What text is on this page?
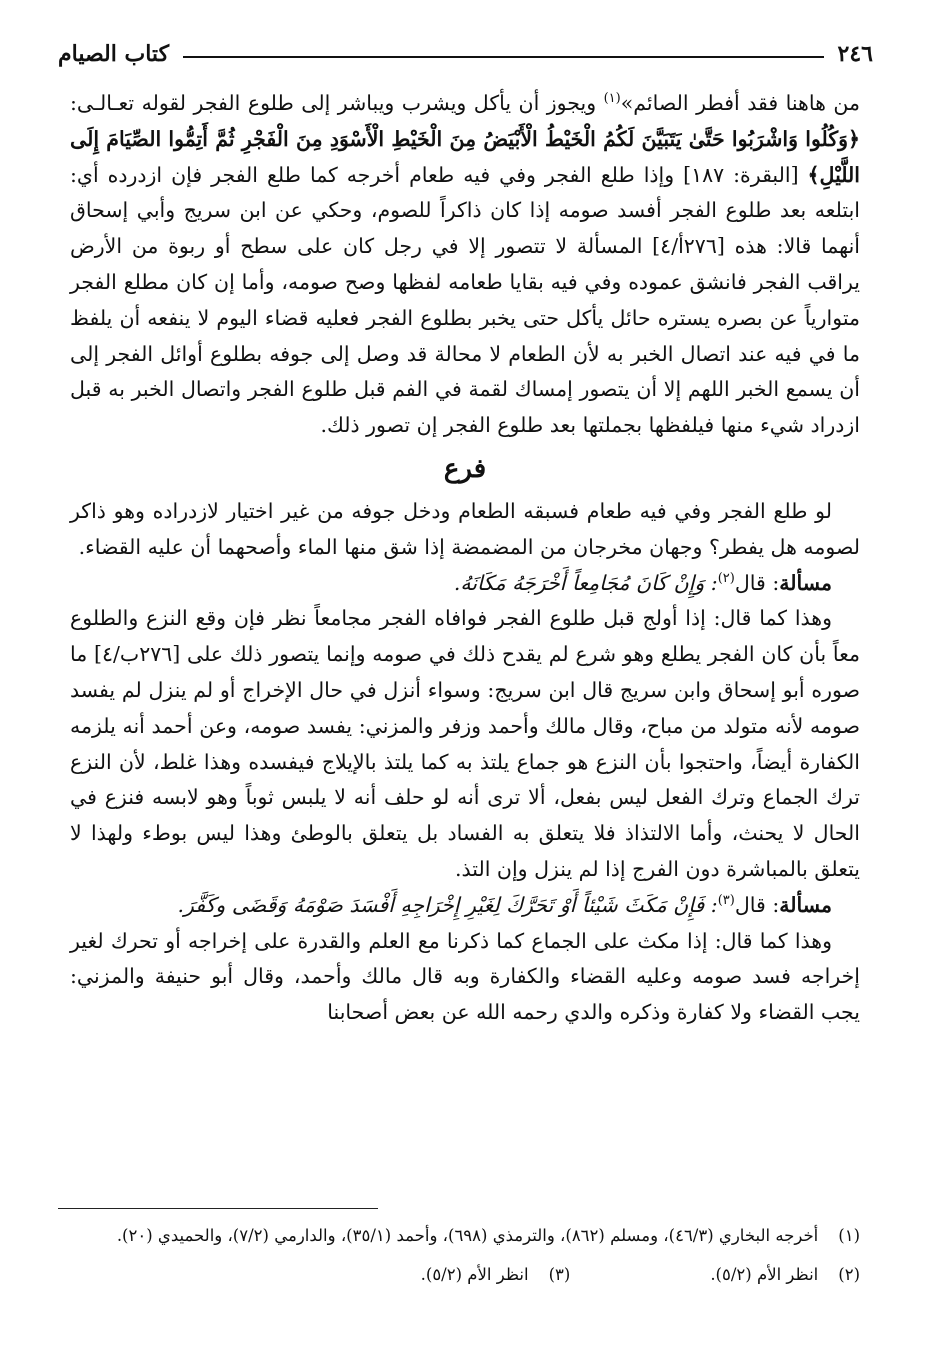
٢٤٦
كتاب الصيام

من هاهنا فقد أفطر الصائم»$^{(١)}$ ويجوز أن يأكل ويشرب ويباشر إلى طلوع الفجر لقوله تعـالـى: ﴿وَكُلُوا وَاشْرَبُوا حَتَّىٰ يَتَبَيَّنَ لَكُمُ الْخَيْطُ الْأَبْيَضُ مِنَ الْخَيْطِ الْأَسْوَدِ مِنَ الْفَجْرِ ثُمَّ أَتِمُّوا الصِّيَامَ إِلَى اللَّيْلِ﴾ [البقرة: ١٨٧] وإذا طلع الفجر وفي فيه طعام أخرجه كما طلع الفجر فإن ازدرده أي: ابتلعه بعد طلوع الفجر أفسد صومه إذا كان ذاكراً للصوم، وحكي عن ابن سريج وأبي إسحاق أنهما قالا: هذه [٢٧٦أ/٤] المسألة لا تتصور إلا في رجل كان على سطح أو ربوة من الأرض يراقب الفجر فانشق عموده وفي فيه بقايا طعامه لفظها وصح صومه، وأما إن كان مطلع الفجر متوارياً عن بصره يستره حائل يأكل حتى يخبر بطلوع الفجر فعليه قضاء اليوم لا ينفعه أن يلفظ ما في فيه عند اتصال الخبر به لأن الطعام لا محالة قد وصل إلى جوفه بطلوع أوائل الفجر إلى أن يسمع الخبر اللهم إلا أن يتصور إمساك لقمة في الفم قبل طلوع الفجر واتصال الخبر به قبل ازدراد شيء منها فيلفظها بجملتها بعد طلوع الفجر إن تصور ذلك.

فرع

لو طلع الفجر وفي فيه طعام فسبقه الطعام ودخل جوفه من غير اختيار لازدراده وهو ذاكر لصومه هل يفطر؟ وجهان مخرجان من المضمضة إذا شق منها الماء وأصحهما أن عليه القضاء.

مسألة: قال$^{(٢)}$: وَإِنْ كَانَ مُجَامِعاً أَخْرَجَهُ مَكَانَهُ.

وهذا كما قال: إذا أولج قبل طلوع الفجر فوافاه الفجر مجامعاً نظر فإن وقع النزع والطلوع معاً بأن كان الفجر يطلع وهو شرع لم يقدح ذلك في صومه وإنما يتصور ذلك على [٢٧٦ب/٤] ما صوره أبو إسحاق وابن سريج قال ابن سريج: وسواء أنزل في حال الإخراج أو لم ينزل لم يفسد صومه لأنه متولد من مباح، وقال مالك وأحمد وزفر والمزني: يفسد صومه، وعن أحمد أنه يلزمه الكفارة أيضاً، واحتجوا بأن النزع هو جماع يلتذ به كما يلتذ بالإيلاج فيفسده وهذا غلط، لأن النزع ترك الجماع وترك الفعل ليس بفعل، ألا ترى أنه لو حلف أنه لا يلبس ثوباً وهو لابسه فنزع في الحال لا يحنث، وأما الالتذاذ فلا يتعلق به الفساد بل يتعلق بالوطئ وهذا ليس بوطء ولهذا لا يتعلق بالمباشرة دون الفرج إذا لم ينزل وإن التذ.

مسألة: قال$^{(٣)}$: فَإِنْ مَكَثَ شَيْئاً أَوْ تَحَرَّكَ لِغَيْرِ إِخْرَاجِهِ أَفْسَدَ صَوْمَهُ وَقَضَى وكَفَّرَ.

وهذا كما قال: إذا مكث على الجماع كما ذكرنا مع العلم والقدرة على إخراجه أو تحرك لغير إخراجه فسد صومه وعليه القضاء والكفارة وبه قال مالك وأحمد، وقال أبو حنيفة والمزني: يجب القضاء ولا كفارة وذكره والدي رحمه الله عن بعض أصحابنا

(١)
أخرجه البخاري (٤٦/٣)، ومسلم (٨٦٢)، والترمذي (٦٩٨)، وأحمد (٣٥/١)، والدارمي (٧/٢)، والحميدي (٢٠).
(٢)
انظر الأم (٥/٢).
(٣)
انظر الأم (٥/٢).
